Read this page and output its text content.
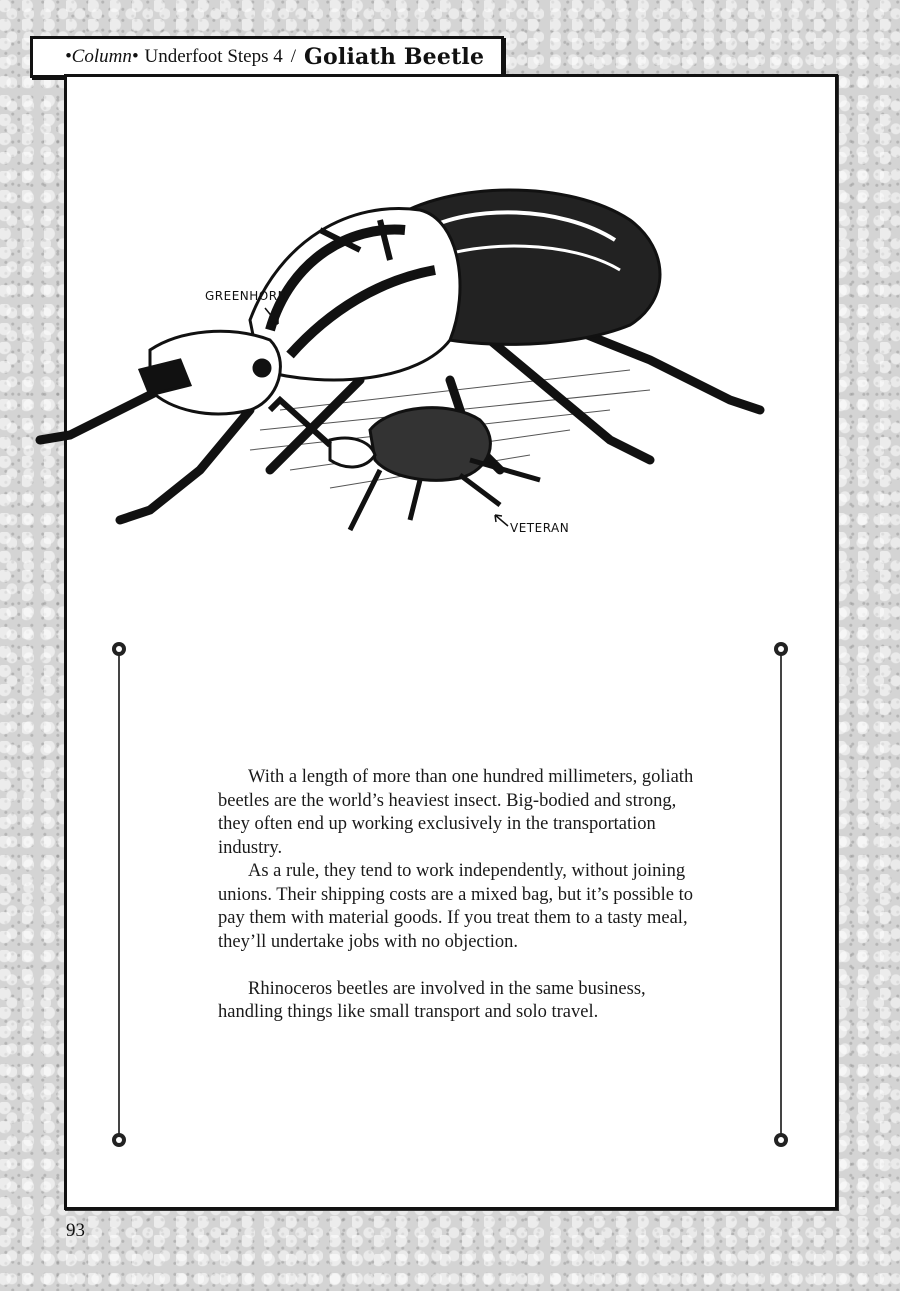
•Column• Underfoot Steps 4 / Goliath Beetle
GREENHORN
VETERAN

With a length of more than one hundred millimeters, goliath beetles are the world’s heaviest insect. Big-bodied and strong, they often end up working exclusively in the transportation industry.

As a rule, they tend to work independently, without joining unions. Their shipping costs are a mixed bag, but it’s possible to pay them with material goods. If you treat them to a tasty meal, they’ll undertake jobs with no objection.

Rhinoceros beetles are involved in the same business, handling things like small transport and solo travel.

93
